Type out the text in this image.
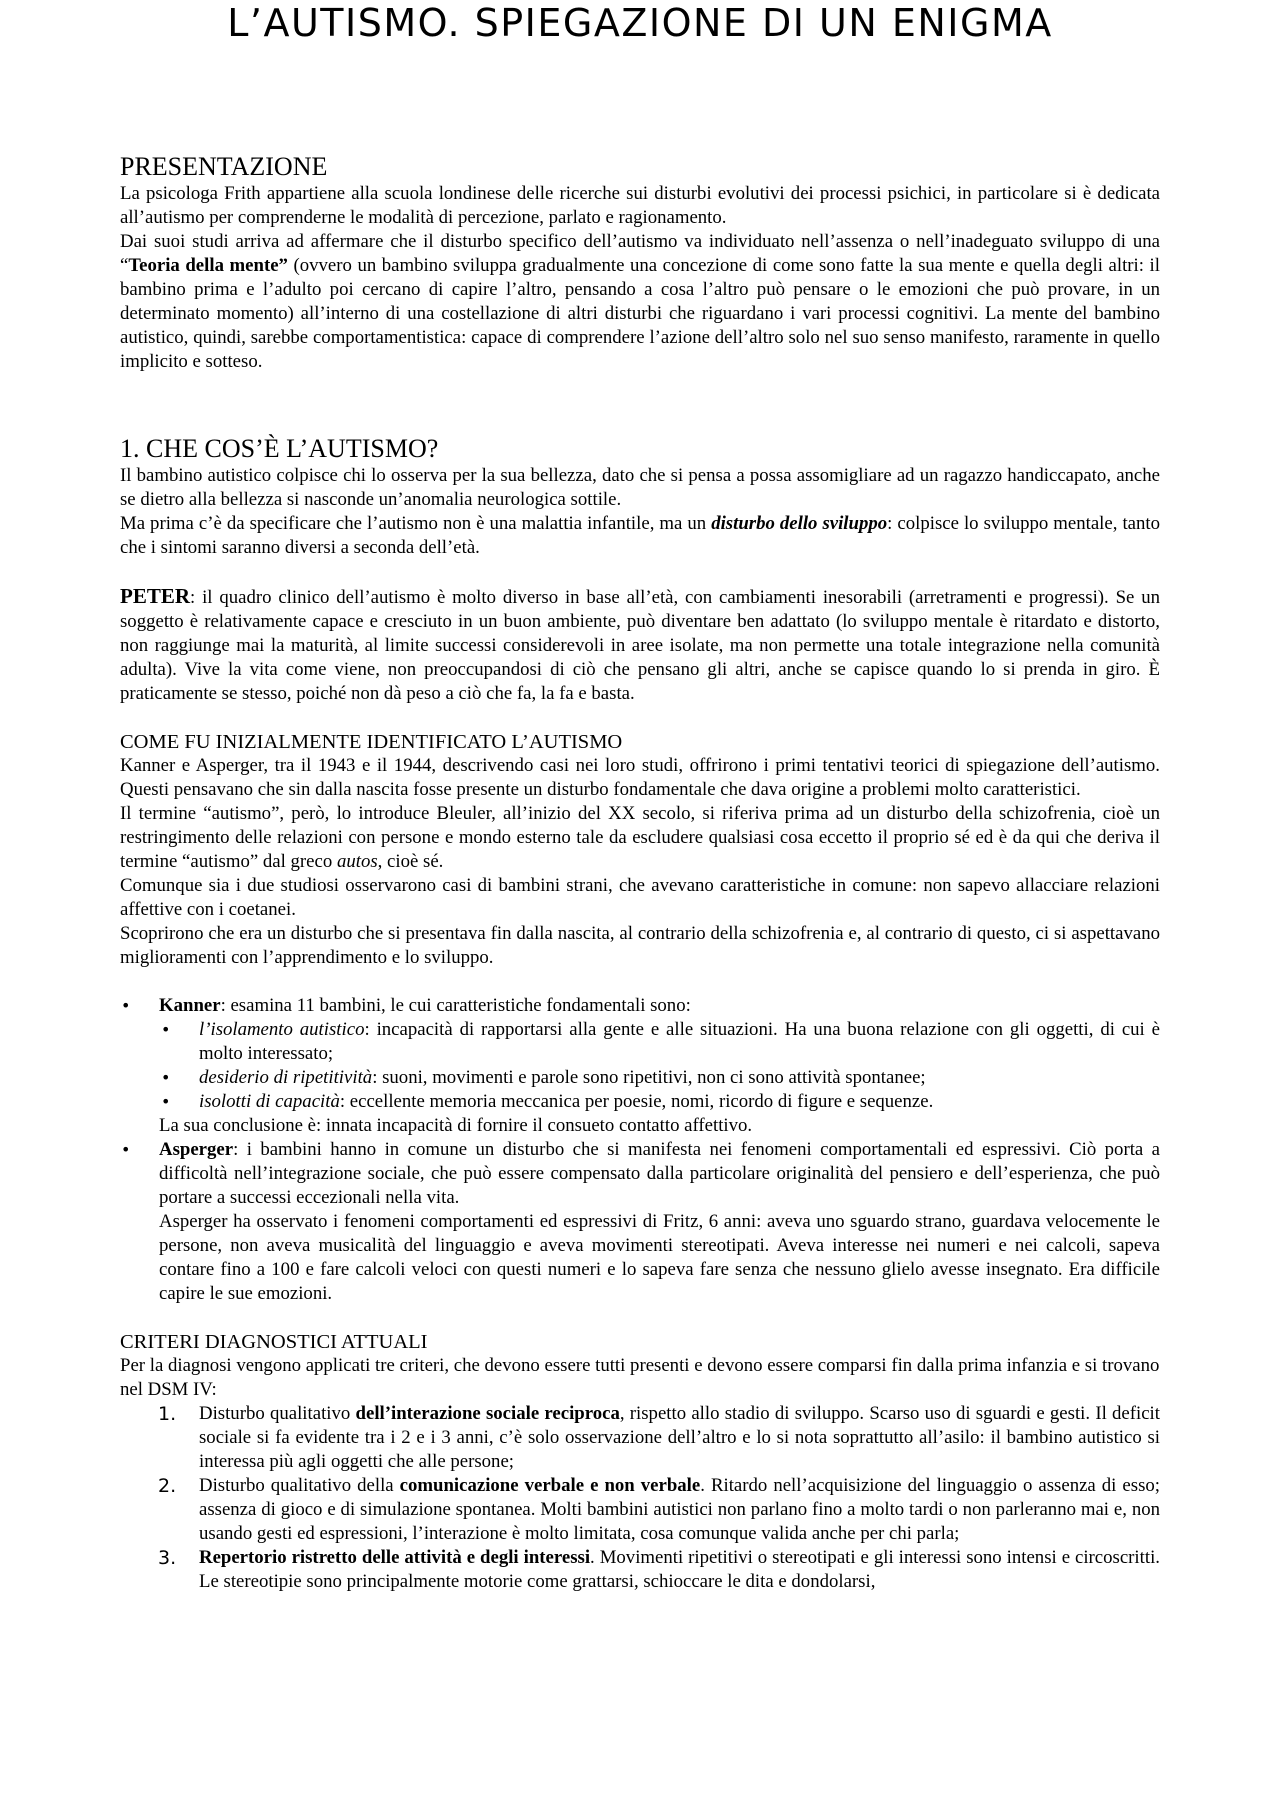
L’AUTISMO. SPIEGAZIONE DI UN ENIGMA
PRESENTAZIONE

La psicologa Frith appartiene alla scuola londinese delle ricerche sui disturbi evolutivi dei processi psichici, in particolare si è dedicata all’autismo per comprenderne le modalità di percezione, parlato e ragionamento.

Dai suoi studi arriva ad affermare che il disturbo specifico dell’autismo va individuato nell’assenza o nell’inadeguato sviluppo di una “Teoria della mente” (ovvero un bambino sviluppa gradualmente una concezione di come sono fatte la sua mente e quella degli altri: il bambino prima e l’adulto poi cercano di capire l’altro, pensando a cosa l’altro può pensare o le emozioni che può provare, in un determinato momento) all’interno di una costellazione di altri disturbi che riguardano i vari processi cognitivi. La mente del bambino autistico, quindi, sarebbe comportamentistica: capace di comprendere l’azione dell’altro solo nel suo senso manifesto, raramente in quello implicito e sotteso.

1. CHE COS’È L’AUTISMO?

Il bambino autistico colpisce chi lo osserva per la sua bellezza, dato che si pensa a possa assomigliare ad un ragazzo handiccapato, anche se dietro alla bellezza si nasconde un’anomalia neurologica sottile.

Ma prima c’è da specificare che l’autismo non è una malattia infantile, ma un disturbo dello sviluppo: colpisce lo sviluppo mentale, tanto che i sintomi saranno diversi a seconda dell’età.

PETER: il quadro clinico dell’autismo è molto diverso in base all’età, con cambiamenti inesorabili (arretramenti e progressi). Se un soggetto è relativamente capace e cresciuto in un buon ambiente, può diventare ben adattato (lo sviluppo mentale è ritardato e distorto, non raggiunge mai la maturità, al limite successi considerevoli in aree isolate, ma non permette una totale integrazione nella comunità adulta). Vive la vita come viene, non preoccupandosi di ciò che pensano gli altri, anche se capisce quando lo si prenda in giro. È praticamente se stesso, poiché non dà peso a ciò che fa, la fa e basta.

COME FU INIZIALMENTE IDENTIFICATO L’AUTISMO

Kanner e Asperger, tra il 1943 e il 1944, descrivendo casi nei loro studi, offrirono i primi tentativi teorici di spiegazione dell’autismo. Questi pensavano che sin dalla nascita fosse presente un disturbo fondamentale che dava origine a problemi molto caratteristici.

Il termine “autismo”, però, lo introduce Bleuler, all’inizio del XX secolo, si riferiva prima ad un disturbo della schizofrenia, cioè un restringimento delle relazioni con persone e mondo esterno tale da escludere qualsiasi cosa eccetto il proprio sé ed è da qui che deriva il termine “autismo” dal greco autos, cioè sé.

Comunque sia i due studiosi osservarono casi di bambini strani, che avevano caratteristiche in comune: non sapevo allacciare relazioni affettive con i coetanei.

Scoprirono che era un disturbo che si presentava fin dalla nascita, al contrario della schizofrenia e, al contrario di questo, ci si aspettavano miglioramenti con l’apprendimento e lo sviluppo.

• Kanner: esamina 11 bambini, le cui caratteristiche fondamentali sono:
• l’isolamento autistico: incapacità di rapportarsi alla gente e alle situazioni. Ha una buona relazione con gli oggetti, di cui è molto interessato;
• desiderio di ripetitività: suoni, movimenti e parole sono ripetitivi, non ci sono attività spontanee;
• isolotti di capacità: eccellente memoria meccanica per poesie, nomi, ricordo di figure e sequenze.
La sua conclusione è: innata incapacità di fornire il consueto contatto affettivo.
• Asperger: i bambini hanno in comune un disturbo che si manifesta nei fenomeni comportamentali ed espressivi. Ciò porta a difficoltà nell’integrazione sociale, che può essere compensato dalla particolare originalità del pensiero e dell’esperienza, che può portare a successi eccezionali nella vita.
Asperger ha osservato i fenomeni comportamenti ed espressivi di Fritz, 6 anni: aveva uno sguardo strano, guardava velocemente le persone, non aveva musicalità del linguaggio e aveva movimenti stereotipati. Aveva interesse nei numeri e nei calcoli, sapeva contare fino a 100 e fare calcoli veloci con questi numeri e lo sapeva fare senza che nessuno glielo avesse insegnato. Era difficile capire le sue emozioni.
CRITERI DIAGNOSTICI ATTUALI

Per la diagnosi vengono applicati tre criteri, che devono essere tutti presenti e devono essere comparsi fin dalla prima infanzia e si trovano nel DSM IV:

1. Disturbo qualitativo dell’interazione sociale reciproca, rispetto allo stadio di sviluppo. Scarso uso di sguardi e gesti. Il deficit sociale si fa evidente tra i 2 e i 3 anni, c’è solo osservazione dell’altro e lo si nota soprattutto all’asilo: il bambino autistico si interessa più agli oggetti che alle persone;
2. Disturbo qualitativo della comunicazione verbale e non verbale. Ritardo nell’acquisizione del linguaggio o assenza di esso; assenza di gioco e di simulazione spontanea. Molti bambini autistici non parlano fino a molto tardi o non parleranno mai e, non usando gesti ed espressioni, l’interazione è molto limitata, cosa comunque valida anche per chi parla;
3. Repertorio ristretto delle attività e degli interessi. Movimenti ripetitivi o stereotipati e gli interessi sono intensi e circoscritti. Le stereotipie sono principalmente motorie come grattarsi, schioccare le dita e dondolarsi,
